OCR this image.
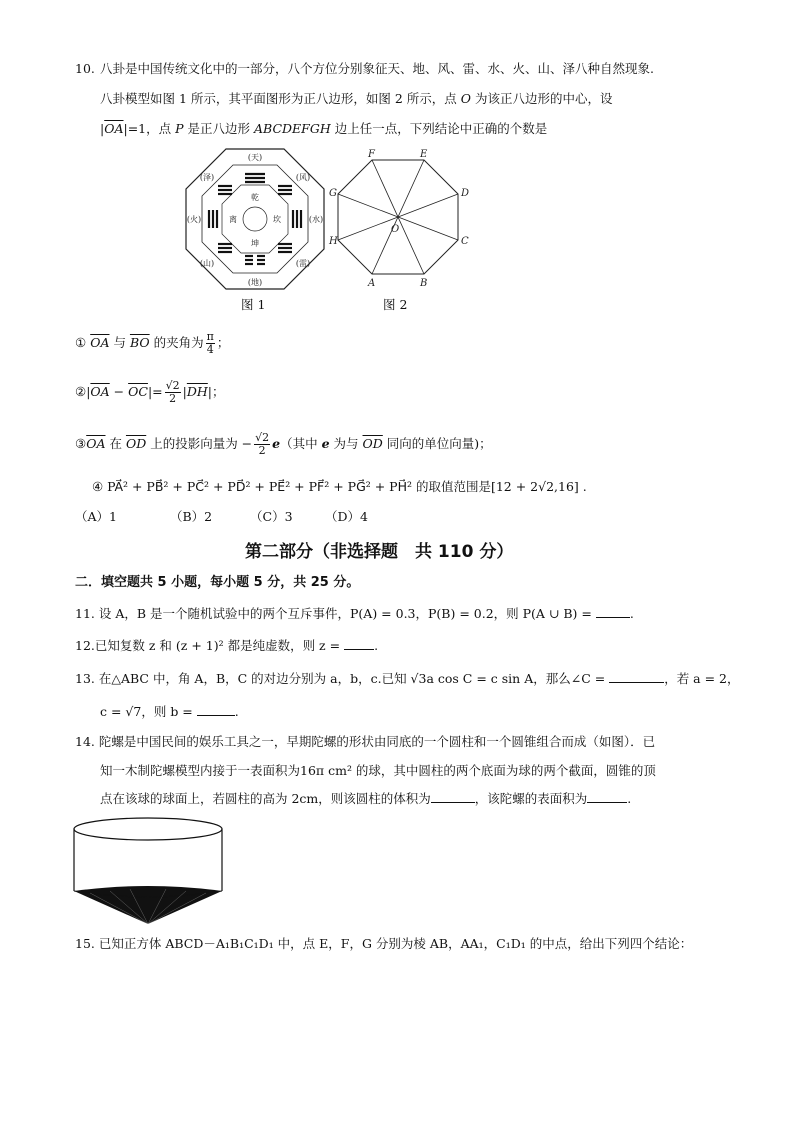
10. 八卦是中国传统文化中的一部分，八个方位分别象征天、地、风、雷、水、火、山、泽八种自然现象.
八卦模型如图 1 所示，其平面图形为正八边形，如图 2 所示，点 O 为该正八边形的中心，设
$|\overline{OA}|=1$，点 P 是正八边形 ABCDEFGH 边上任一点，下列结论中正确的个数是
(天)
(泽)	(风)
(火)	(水)
(山)	(雷)
(地)
乾
坤
离	坎
图 1
A	B
C
D
E
F
G
H
O
图 2
① $\overline{OA}$ 与 $\overline{BO}$ 的夹角为 $\frac{\pi}{4}$ ；
$②|\overline{OA} - \overline{OC}|= \frac{√2}{2} |\overline{DH}|$；
$③\overline{OA}$ 在 $\overline{OD}$ 上的投影向量为 − $\frac{√2}{2} e$（其中 e 为与 $\overline{OD}$ 同向的单位向量)；
④ PA⃗² + PB⃗² + PC⃗² + PD⃗² + PE⃗² + PF⃗² + PG⃗² + PH⃗² 的取值范围是[12 + 2√2,16] .
（A）1	（B）2	（C）3	（D）4
第二部分（非选择题　共 110 分）
二．填空题共 5 小题，每小题 5 分，共 25 分。
11. 设 A，B 是一个随机试验中的两个互斥事件，P(A) = 0.3，P(B) = 0.2，则 P(A ∪ B) =	.
12.已知复数 z 和 (z + 1)² 都是纯虚数，则 z =	.
13. 在△ABC 中，角 A，B，C 的对边分别为 a，b，c.已知 √3a cos C = c sin A，那么∠C =	，若 a = 2，
c = √7，则 b =	.
14. 陀螺是中国民间的娱乐工具之一，早期陀螺的形状由同底的一个圆柱和一个圆锥组合而成（如图）．已
知一木制陀螺模型内接于一表面积为16π cm² 的球，其中圆柱的两个底面为球的两个截面，圆锥的顶
点在该球的球面上，若圆柱的高为 2cm，则该圆柱的体积为	，该陀螺的表面积为	.
15. 已知正方体 ABCD－A₁B₁C₁D₁ 中，点 E，F，G 分别为棱 AB，AA₁，C₁D₁ 的中点，给出下列四个结论：
